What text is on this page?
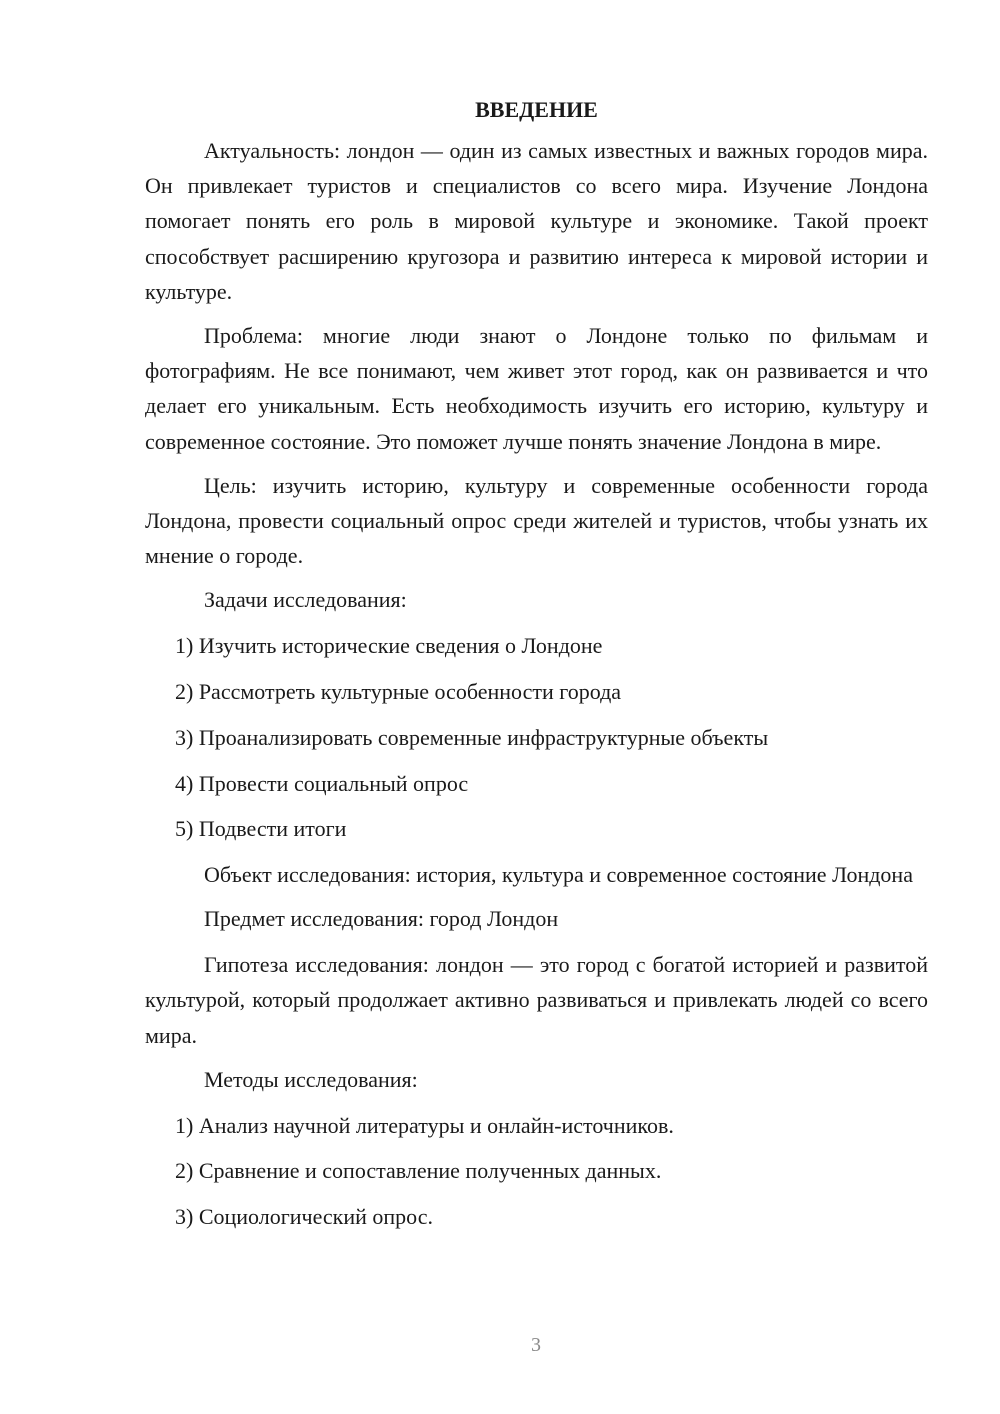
ВВЕДЕНИЕ

Актуальность: лондон — один из самых известных и важных городов мира. Он привлекает туристов и специалистов со всего мира. Изучение Лондона помогает понять его роль в мировой культуре и экономике. Такой проект способствует расширению кругозора и развитию интереса к мировой истории и культуре.

Проблема: многие люди знают о Лондоне только по фильмам и фотографиям. Не все понимают, чем живет этот город, как он развивается и что делает его уникальным. Есть необходимость изучить его историю, культуру и современное состояние. Это поможет лучше понять значение Лондона в мире.

Цель: изучить историю, культуру и современные особенности города Лондона, провести социальный опрос среди жителей и туристов, чтобы узнать их мнение о городе.

Задачи исследования:
1) Изучить исторические сведения о Лондоне
2) Рассмотреть культурные особенности города
3) Проанализировать современные инфраструктурные объекты
4) Провести социальный опрос
5) Подвести итоги

Объект исследования: история, культура и современное состояние Лондона

Предмет исследования: город Лондон

Гипотеза исследования: лондон — это город с богатой историей и развитой культурой, который продолжает активно развиваться и привлекать людей со всего мира.

Методы исследования:
1) Анализ научной литературы и онлайн-источников.
2) Сравнение и сопоставление полученных данных.
3) Социологический опрос.
3
